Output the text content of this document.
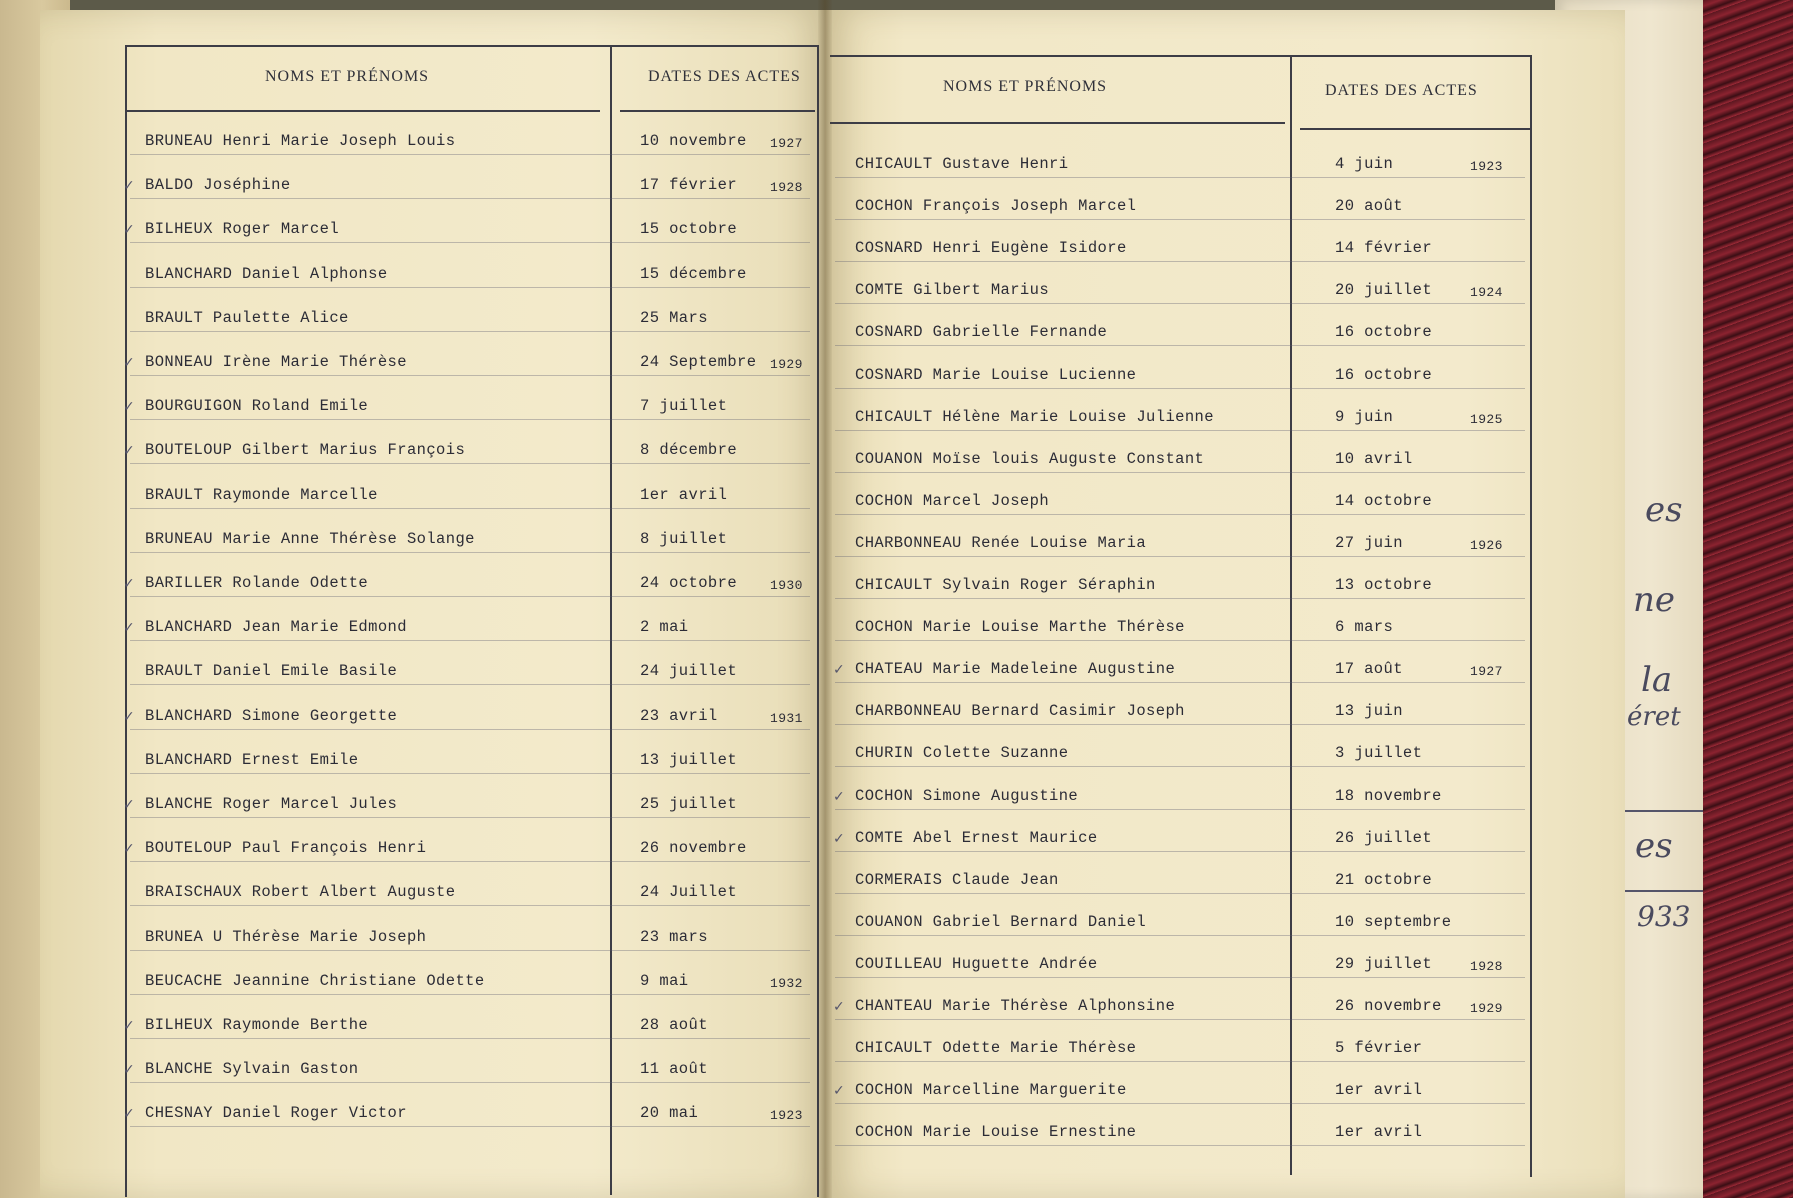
es
ne
la
éret
es
933
NOMS ET PRÉNOMS	DATES DES ACTES
BRUNEAU Henri Marie Joseph Louis	10 novembre 1927
BALDO Joséphine	17 février	1928
✓
BILHEUX Roger Marcel	15 octobre
✓
BLANCHARD Daniel Alphonse	15 décembre
BRAULT Paulette Alice	25 Mars
BONNEAU Irène Marie Thérèse	24 Septembre 1929
✓
BOURGUIGON Roland Emile	7 juillet
✓
BOUTELOUP Gilbert Marius François	8 décembre
✓
BRAULT Raymonde Marcelle	1er avril
BRUNEAU Marie Anne Thérèse Solange	8 juillet
BARILLER Rolande Odette	24 octobre	1930
✓
BLANCHARD Jean Marie Edmond	2 mai
✓
BRAULT Daniel Emile Basile	24 juillet
BLANCHARD Simone Georgette	23 avril	1931
✓
BLANCHARD Ernest Emile	13 juillet
BLANCHE Roger Marcel Jules	25 juillet
✓
BOUTELOUP Paul François Henri	26 novembre
✓
BRAISCHAUX Robert Albert Auguste	24 Juillet
BRUNEA U Thérèse Marie Joseph	23 mars
BEUCACHE Jeannine Christiane Odette	9 mai	1932
BILHEUX Raymonde Berthe	28 août
✓
BLANCHE Sylvain Gaston	11 août
✓
CHESNAY Daniel Roger Victor	20 mai	1923
✓
NOMS ET PRÉNOMS	DATES DES ACTES
CHICAULT Gustave Henri	4 juin	1923
COCHON François Joseph Marcel	20 août
COSNARD Henri Eugène Isidore	14 février
COMTE Gilbert Marius	20 juillet	1924
COSNARD Gabrielle Fernande	16 octobre
COSNARD Marie Louise Lucienne	16 octobre
CHICAULT Hélène Marie Louise Julienne	9 juin	1925
COUANON Moïse louis Auguste Constant	10 avril
COCHON Marcel Joseph	14 octobre
CHARBONNEAU Renée Louise Maria	27 juin	1926
CHICAULT Sylvain Roger Séraphin	13 octobre
COCHON Marie Louise Marthe Thérèse	6 mars
CHATEAU Marie Madeleine Augustine	17 août	1927
✓
CHARBONNEAU Bernard Casimir Joseph	13 juin
CHURIN Colette Suzanne	3 juillet
COCHON Simone Augustine	18 novembre
✓
COMTE Abel Ernest Maurice	26 juillet
✓
CORMERAIS Claude Jean	21 octobre
COUANON Gabriel Bernard Daniel	10 septembre
COUILLEAU Huguette Andrée	29 juillet	1928
CHANTEAU Marie Thérèse Alphonsine	26 novembre 1929
✓
CHICAULT Odette Marie Thérèse	5 février
COCHON Marcelline Marguerite	1er avril
✓
COCHON Marie Louise Ernestine	1er avril
